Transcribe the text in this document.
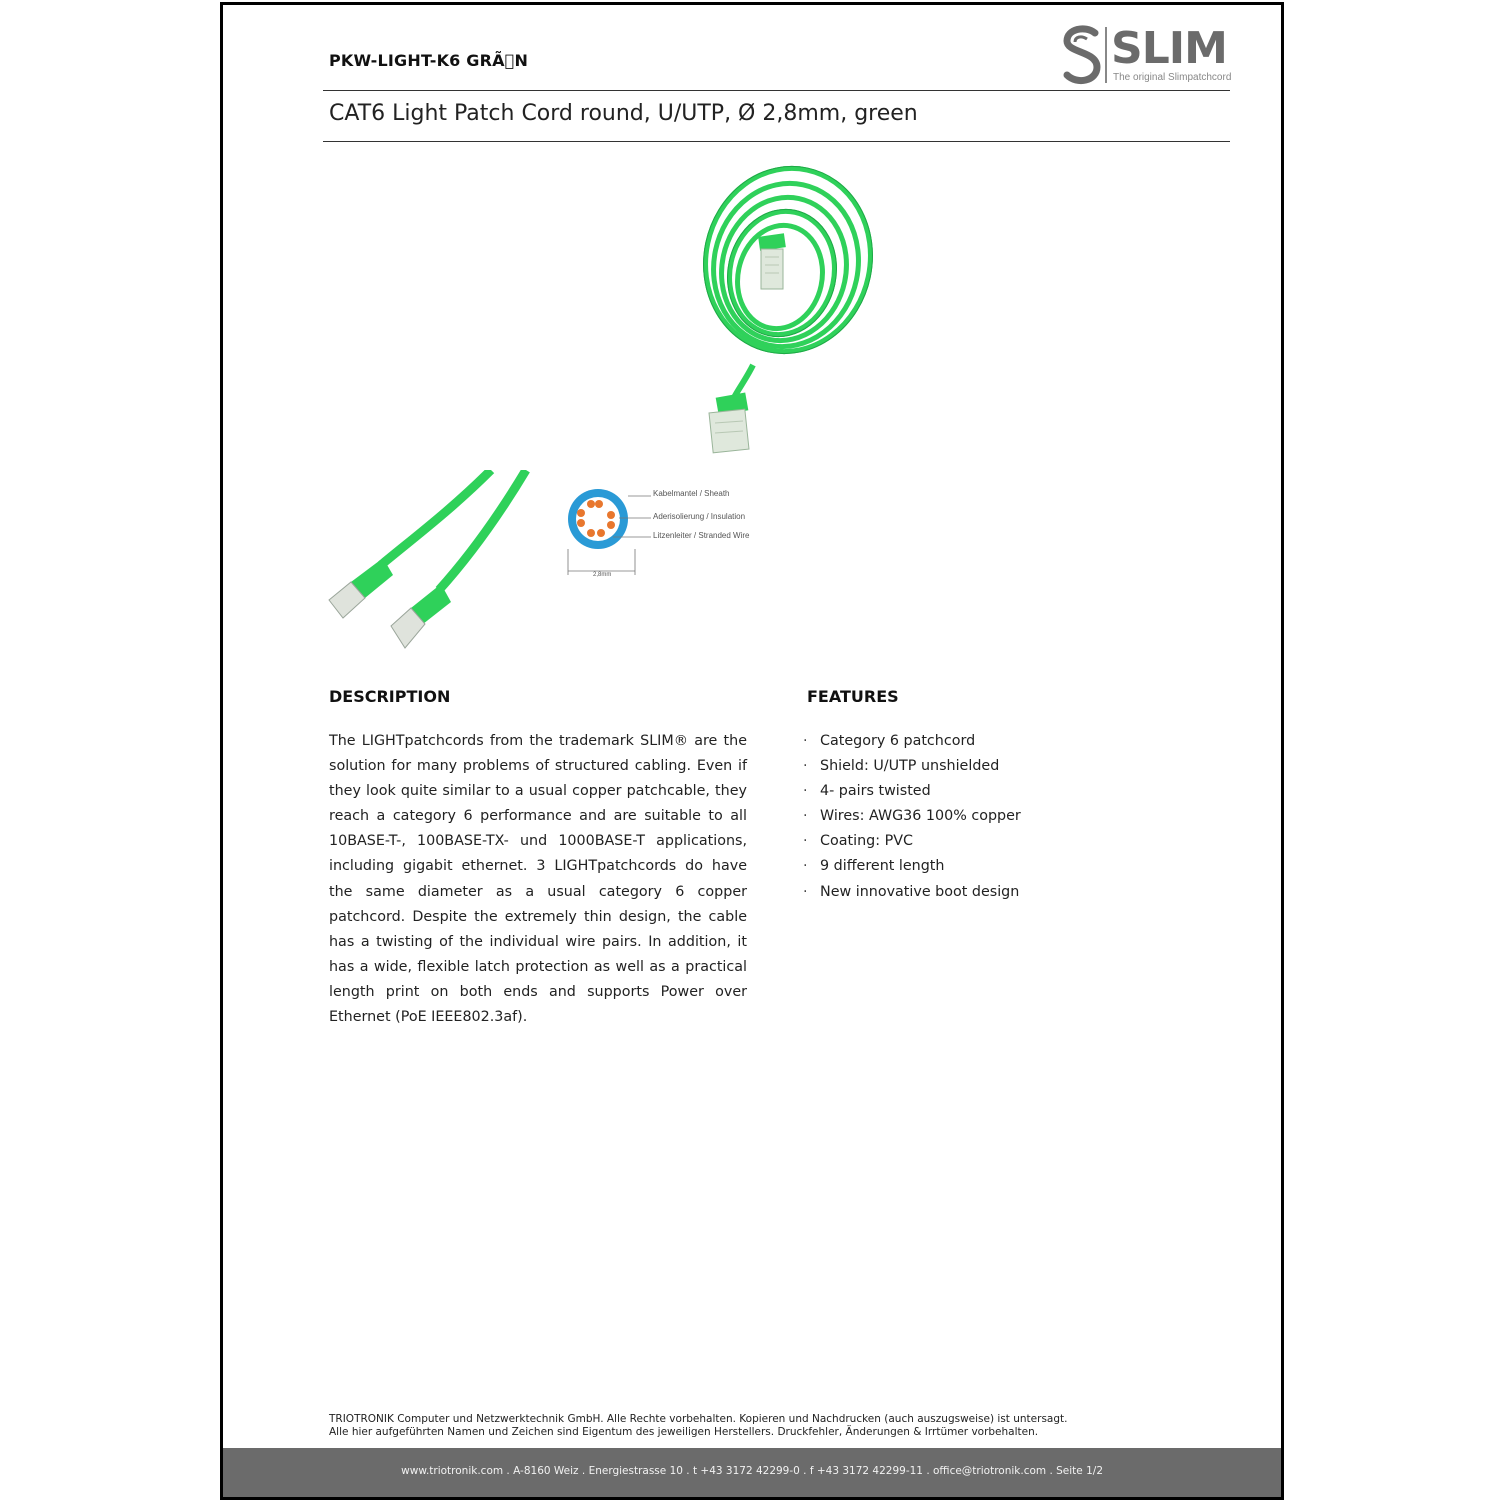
PKW-LIGHT-K6 GRÃ N	SLIM
The original Slimpatchcord
CAT6 Light Patch Cord round, U/UTP, Ø 2,8mm, green
Kabelmantel / Sheath
Aderisolierung / Insulation
Litzenleiter / Stranded Wire
2,8mm
DESCRIPTION
The LIGHTpatchcords from the trademark SLIM® are the solution for many problems of structured cabling. Even if they look quite similar to a usual copper patchcable, they reach a category 6 performance and are suitable to all 10BASE-T-, 100BASE-TX- und 1000BASE-T applications, including gigabit ethernet. 3 LIGHTpatchcords do have the same diameter as a usual category 6 copper patchcord. Despite the extremely thin design, the cable has a twisting of the individual wire pairs. In addition, it has a wide, flexible latch protection as well as a practical length print on both ends and supports Power over Ethernet (PoE IEEE802.3af).
FEATURES
· Category 6 patchcord
· Shield: U/UTP unshielded
· 4- pairs twisted
· Wires: AWG36 100% copper
· Coating: PVC
· 9 different length
· New innovative boot design
TRIOTRONIK Computer und Netzwerktechnik GmbH. Alle Rechte vorbehalten. Kopieren und Nachdrucken (auch auszugsweise) ist untersagt.
Alle hier aufgeführten Namen und Zeichen sind Eigentum des jeweiligen Herstellers. Druckfehler, Änderungen & Irrtümer vorbehalten.
www.triotronik.com . A-8160 Weiz . Energiestrasse 10 . t +43 3172 42299-0 . f +43 3172 42299-11 . office@triotronik.com . Seite 1/2
